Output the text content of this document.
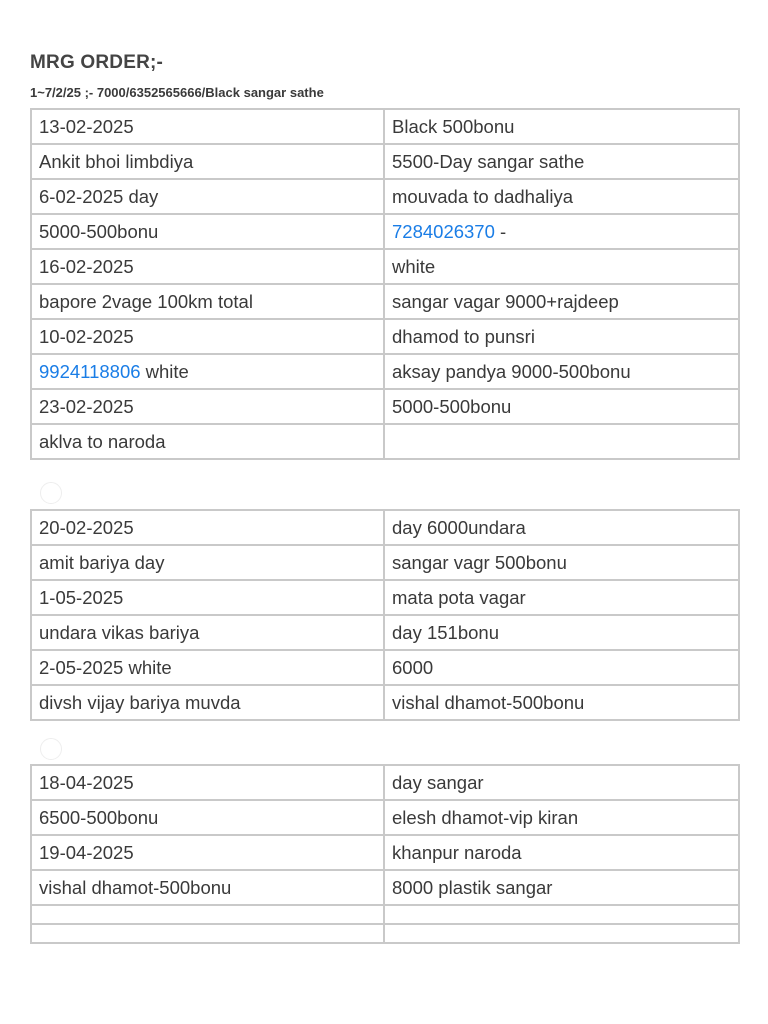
MRG ORDER;-
1~7/2/25 ;- 7000/6352565666/Black sangar sathe
13-02-2025	Black 500bonu
Ankit bhoi limbdiya	5500-Day sangar sathe
6-02-2025 day	mouvada to dadhaliya
5000-500bonu	7284026370 -
16-02-2025	white
bapore 2vage 100km total	sangar vagar 9000+rajdeep
10-02-2025	dhamod to punsri
9924118806 white	aksay pandya 9000-500bonu
23-02-2025	5000-500bonu
aklva to naroda	
20-02-2025	day 6000undara
amit bariya day	sangar vagr 500bonu
1-05-2025	mata pota vagar
undara vikas bariya	day 151bonu
2-05-2025 white	6000
divsh vijay bariya muvda	vishal dhamot-500bonu
18-04-2025	day sangar
6500-500bonu	elesh dhamot-vip kiran
19-04-2025	khanpur naroda
vishal dhamot-500bonu	8000 plastik sangar
